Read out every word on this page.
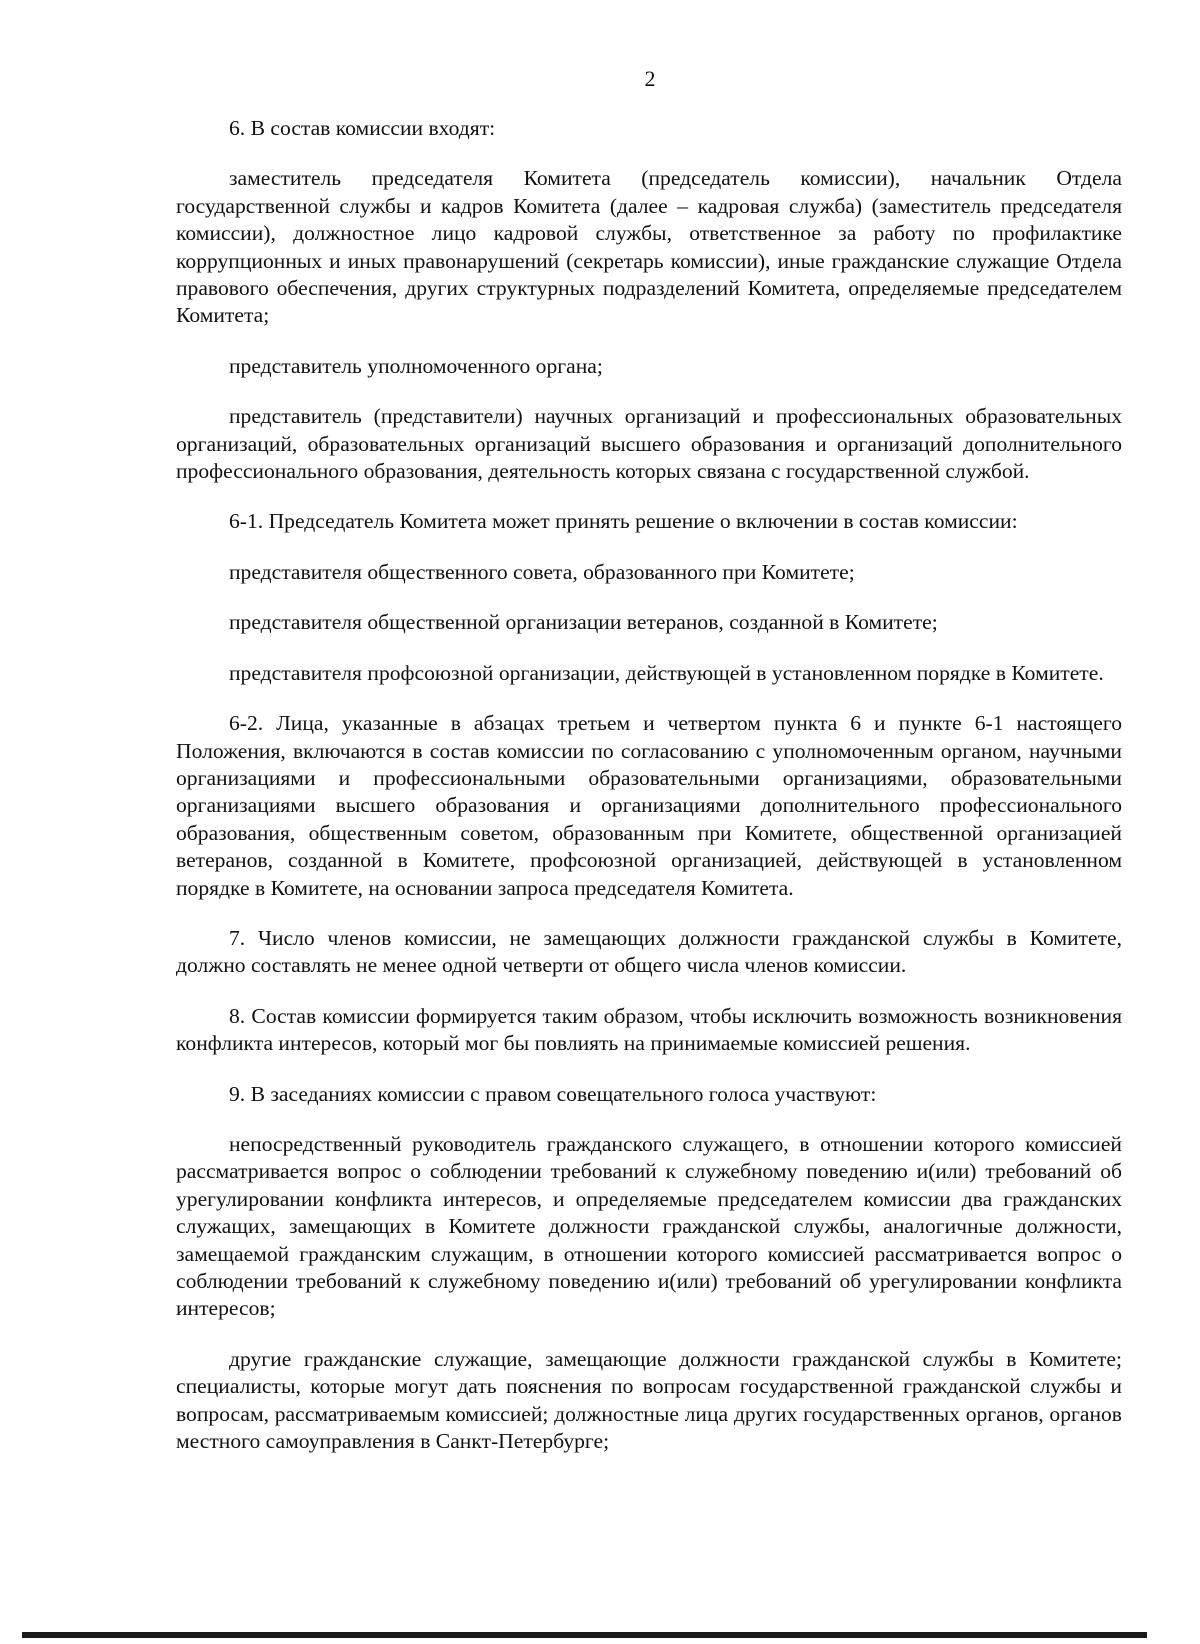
2

6. В состав комиссии входят:

заместитель председателя Комитета (председатель комиссии), начальник Отдела государственной службы и кадров Комитета (далее – кадровая служба) (заместитель председателя комиссии), должностное лицо кадровой службы, ответственное за работу по профилактике коррупционных и иных правонарушений (секретарь комиссии), иные гражданские служащие Отдела правового обеспечения, других структурных подразделений Комитета, определяемые председателем Комитета;

представитель уполномоченного органа;

представитель (представители) научных организаций и профессиональных образовательных организаций, образовательных организаций высшего образования и организаций дополнительного профессионального образования, деятельность которых связана с государственной службой.

6-1. Председатель Комитета может принять решение о включении в состав комиссии:

представителя общественного совета, образованного при Комитете;

представителя общественной организации ветеранов, созданной в Комитете;

представителя профсоюзной организации, действующей в установленном порядке в Комитете.

6-2. Лица, указанные в абзацах третьем и четвертом пункта 6 и пункте 6-1 настоящего Положения, включаются в состав комиссии по согласованию с уполномоченным органом, научными организациями и профессиональными образовательными организациями, образовательными организациями высшего образования и организациями дополнительного профессионального образования, общественным советом, образованным при Комитете, общественной организацией ветеранов, созданной в Комитете, профсоюзной организацией, действующей в установленном порядке в Комитете, на основании запроса председателя Комитета.

7. Число членов комиссии, не замещающих должности гражданской службы в Комитете, должно составлять не менее одной четверти от общего числа членов комиссии.

8. Состав комиссии формируется таким образом, чтобы исключить возможность возникновения конфликта интересов, который мог бы повлиять на принимаемые комиссией решения.

9. В заседаниях комиссии с правом совещательного голоса участвуют:

непосредственный руководитель гражданского служащего, в отношении которого комиссией рассматривается вопрос о соблюдении требований к служебному поведению и(или) требований об урегулировании конфликта интересов, и определяемые председателем комиссии два гражданских служащих, замещающих в Комитете должности гражданской службы, аналогичные должности, замещаемой гражданским служащим, в отношении которого комиссией рассматривается вопрос о соблюдении требований к служебному поведению и(или) требований об урегулировании конфликта интересов;

другие гражданские служащие, замещающие должности гражданской службы в Комитете; специалисты, которые могут дать пояснения по вопросам государственной гражданской службы и вопросам, рассматриваемым комиссией; должностные лица других государственных органов, органов местного самоуправления в Санкт-Петербурге;
